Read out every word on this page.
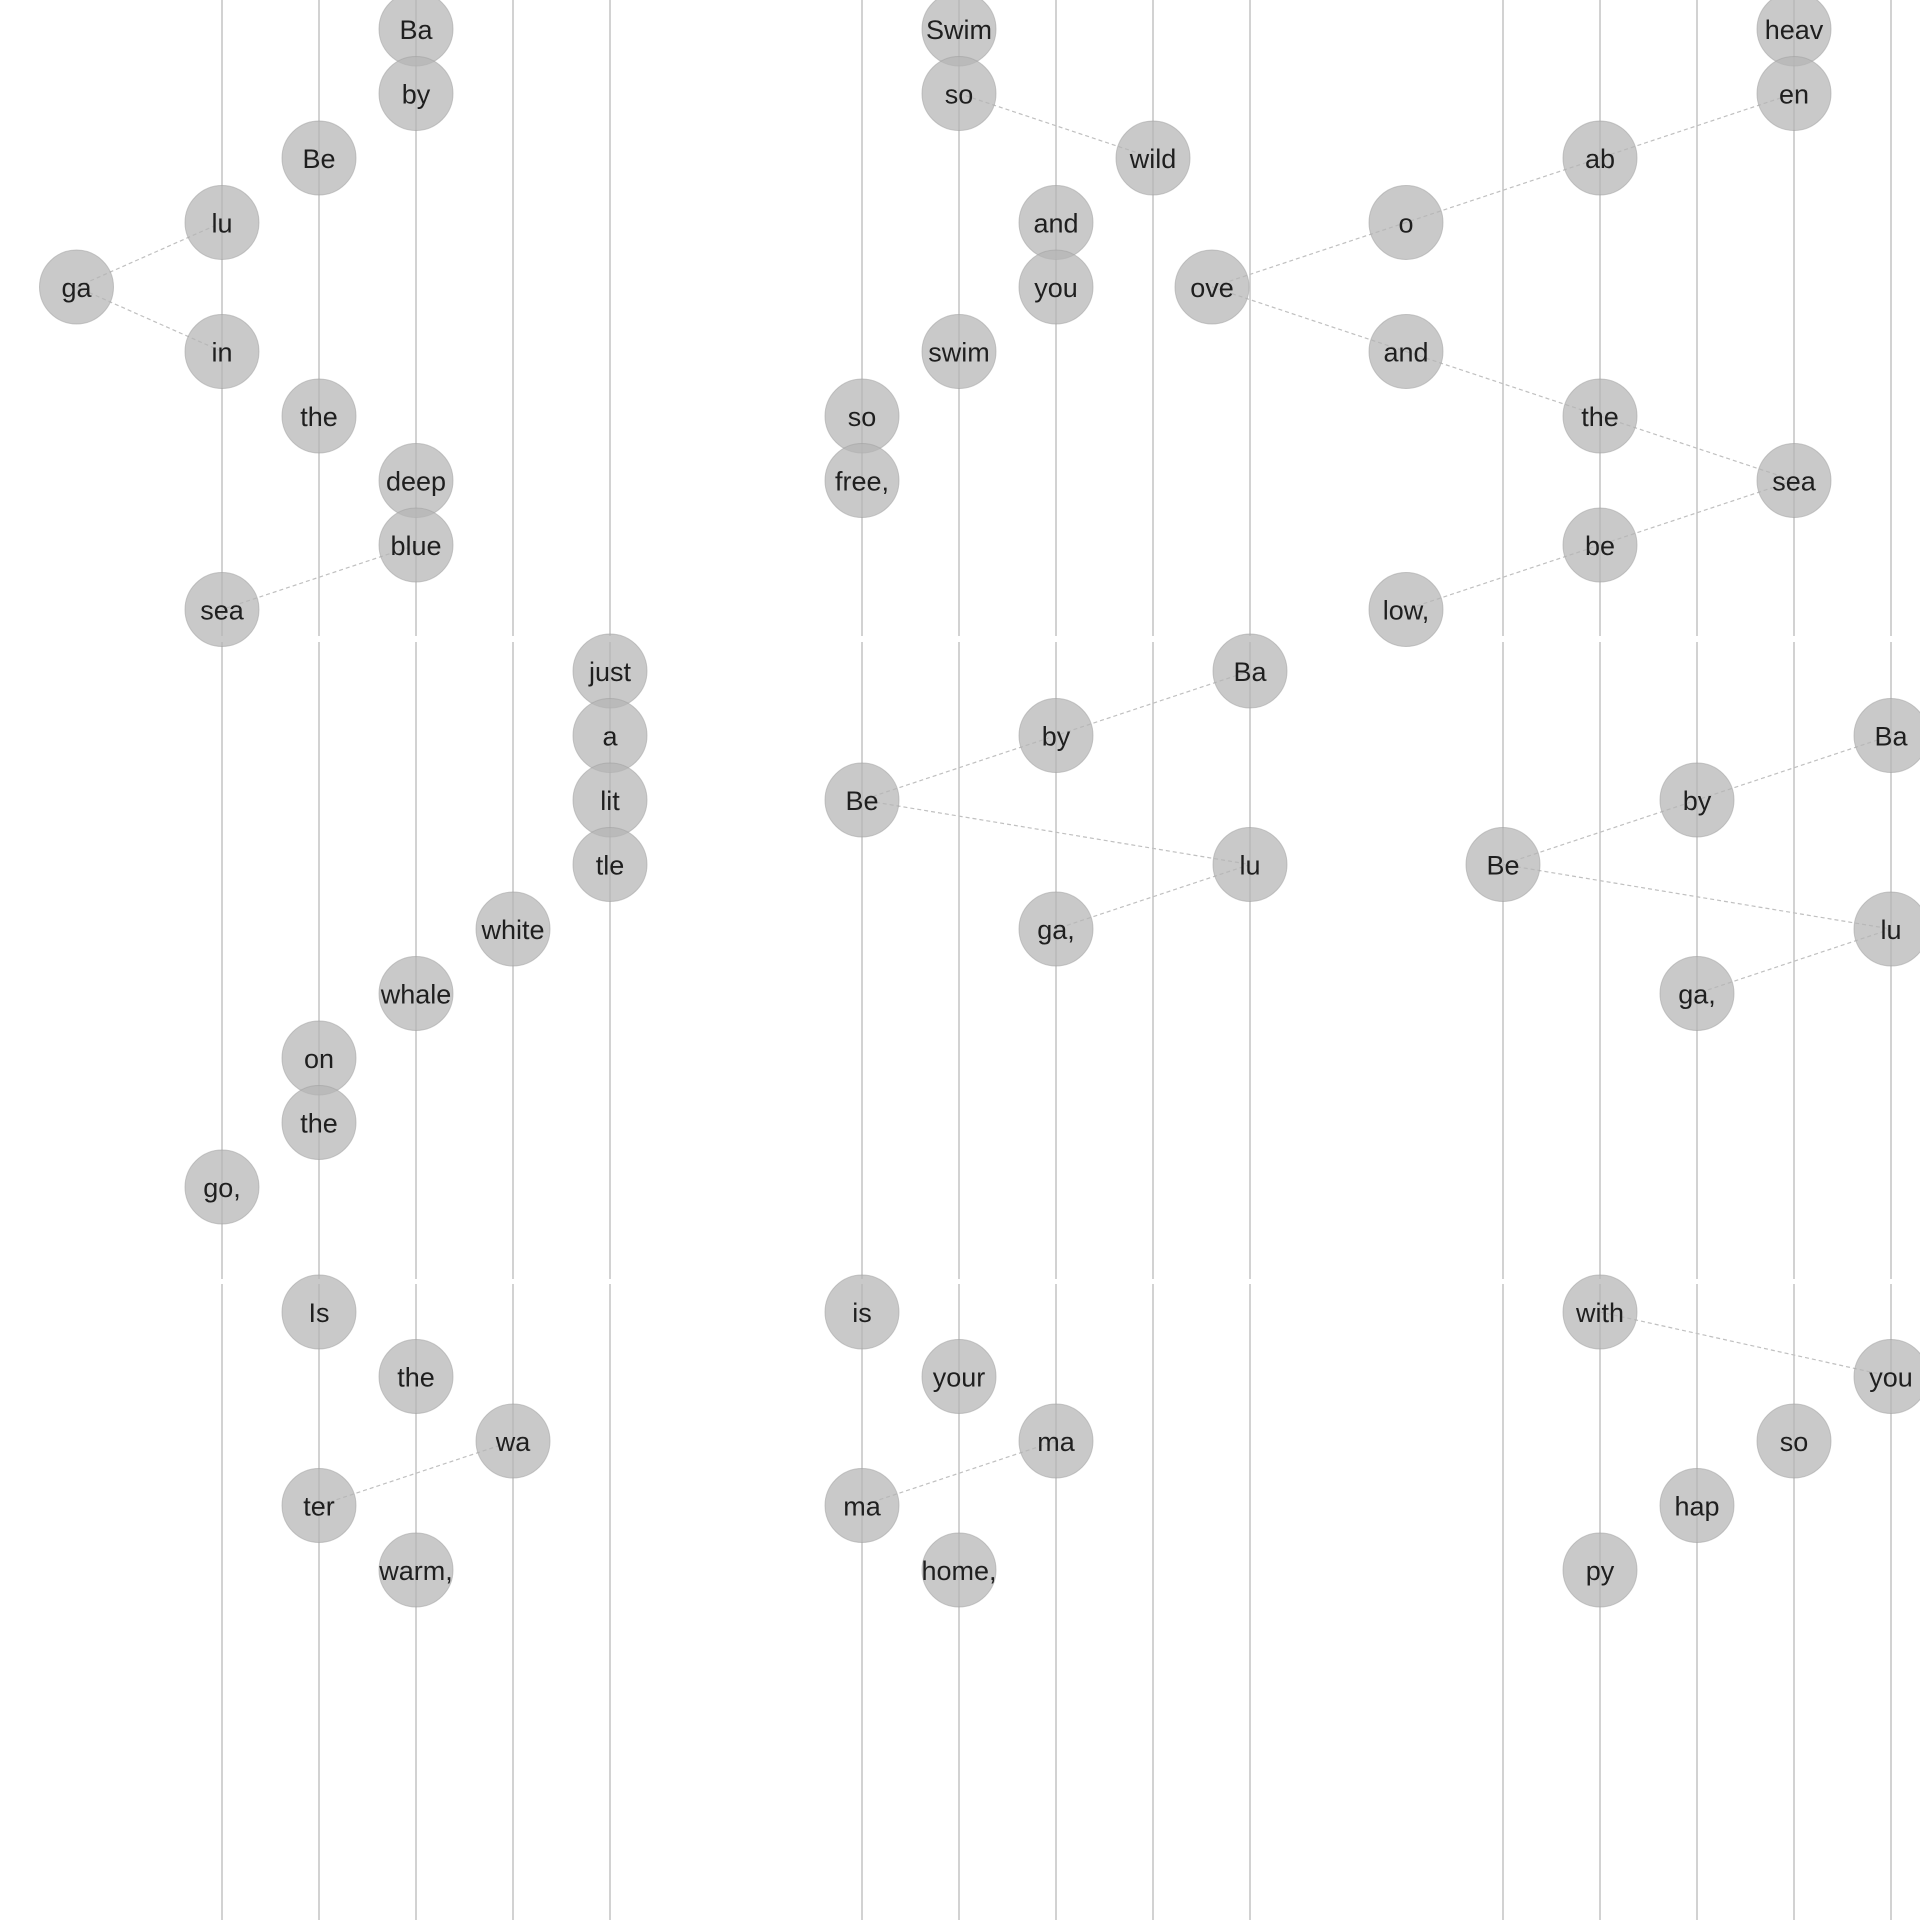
Ba
by
Be
lu
ga
in
the
deep
blue
sea
Swim
so
wild
and
you
swim
so
free,
heav
en
ab
o
ove
and
the
sea
be
low,
just
a
lit
tle
white
whale
on
the
go,
Ba
by
Be
lu
ga,
Ba
by
Be
lu
ga,
Is
the
wa
ter
warm,
is
your
ma
ma
home,
with
you
so
hap
py
